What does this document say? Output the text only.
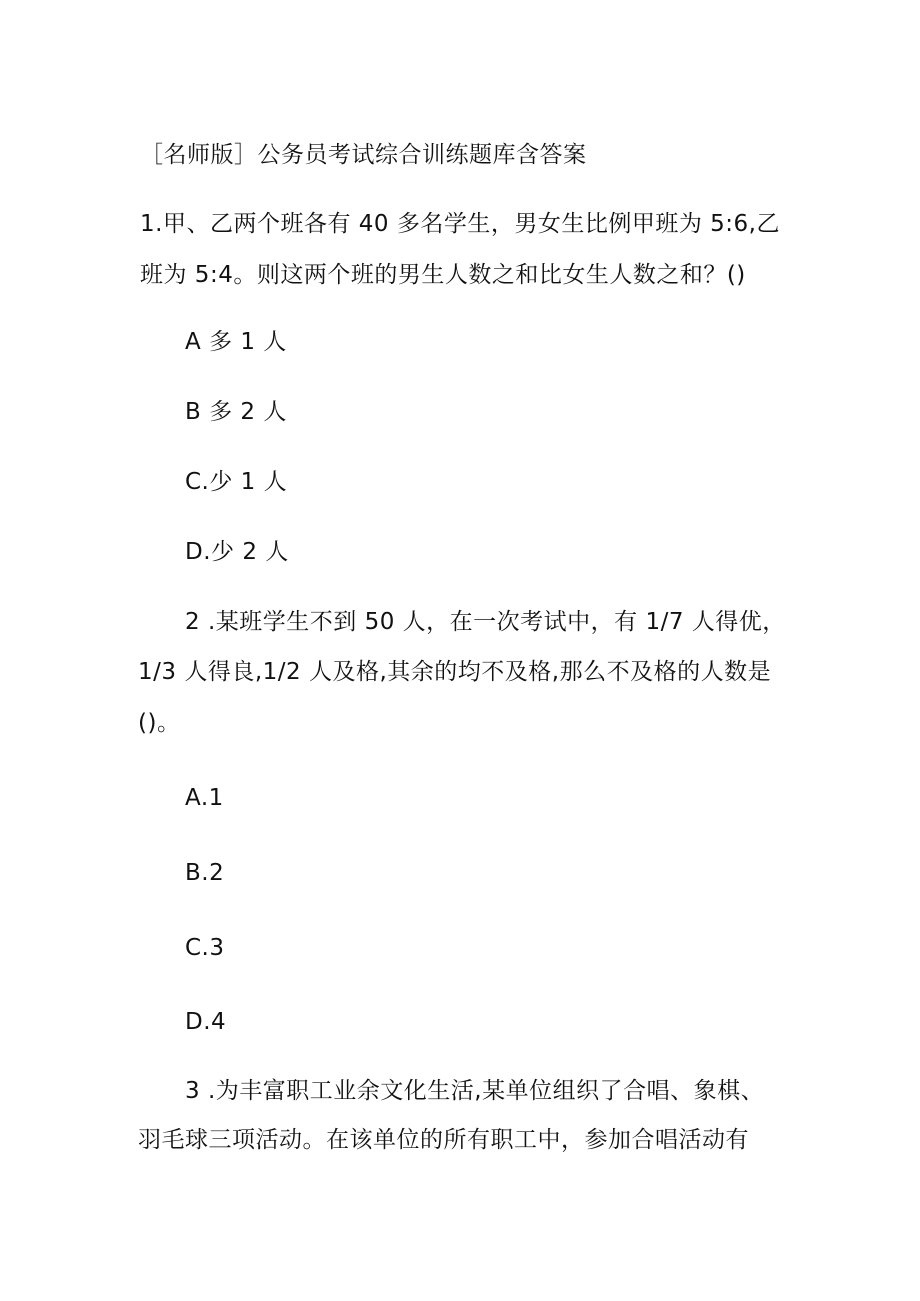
［名师版］公务员考试综合训练题库含答案
1.甲、乙两个班各有 40 多名学生，男女生比例甲班为 5:6,乙
班为 5:4。则这两个班的男生人数之和比女生人数之和？()
A 多 1 人
B 多 2 人
C.少 1 人
D.少 2 人
2 .某班学生不到 50 人，在一次考试中，有 1/7 人得优，
1/3 人得良,1/2 人及格,其余的均不及格,那么不及格的人数是
()。
A.1
B.2
C.3
D.4
3 .为丰富职工业余文化生活,某单位组织了合唱、象棋、
羽毛球三项活动。在该单位的所有职工中，参加合唱活动有
